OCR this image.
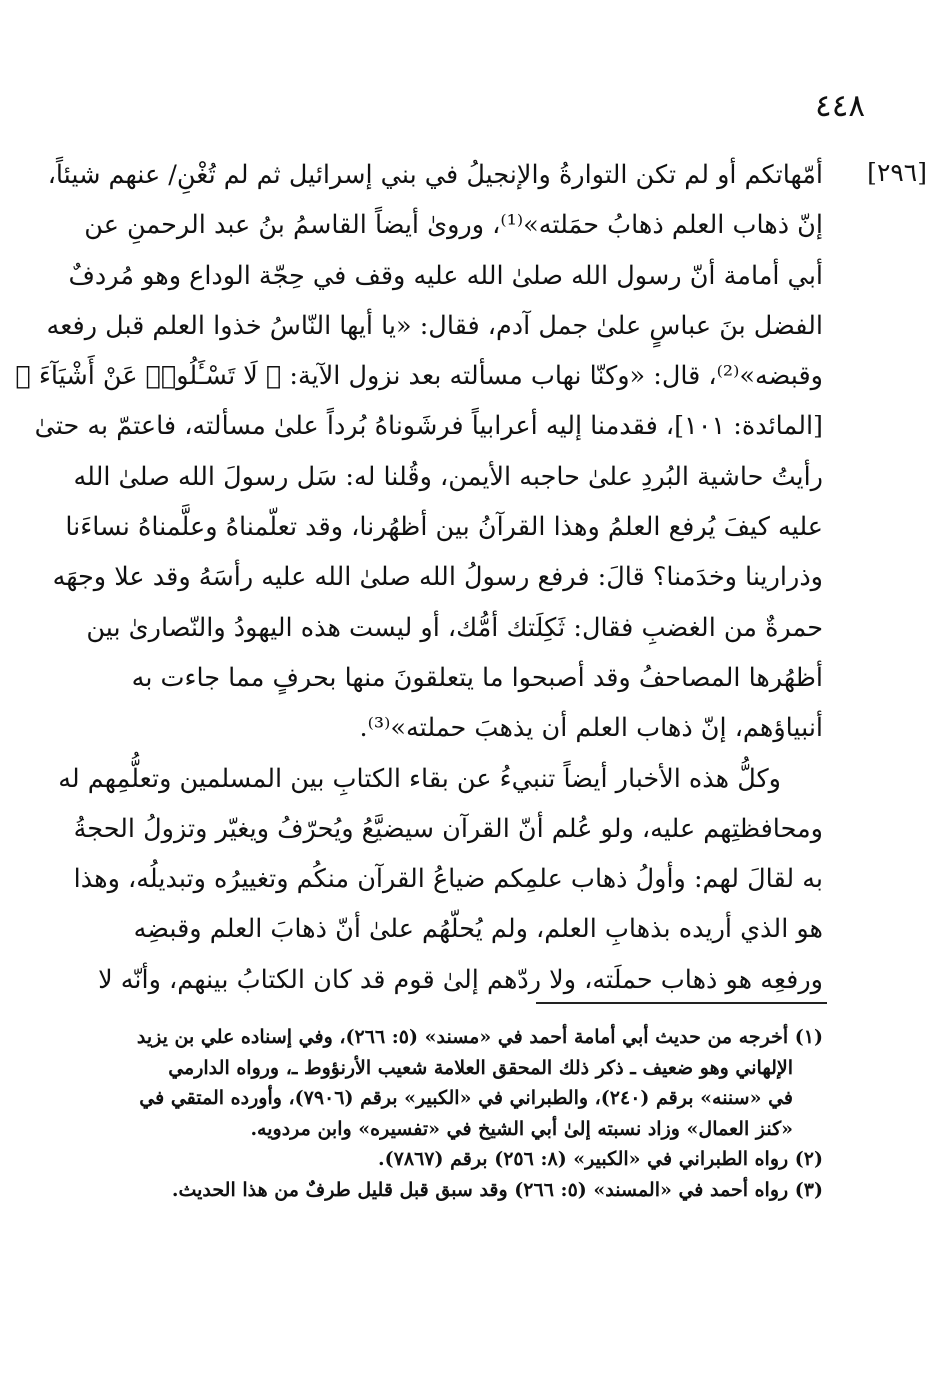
٤٤٨
[٢٩٦]
أمّهاتكم أو لم تكن التوارةُ والإنجيلُ في بني إسرائيل ثم لم تُغْنِ/ عنهم شيئاً،
إنّ ذهاب العلم ذهابُ حمَلته»⁽¹⁾، وروىٰ أيضاً القاسمُ بنُ عبد الرحمنِ عن
أبي أمامة أنّ رسول الله صلىٰ الله عليه وقف في حِجّة الوداع وهو مُردفٌ
الفضل بنَ عباسٍ علىٰ جمل آدم، فقال: «يا أيها النّاسُ خذوا العلم قبل رفعه
وقبضه»⁽²⁾، قال: «وكنّا نهاب مسألته بعد نزول الآية: ﴿ لَا تَسْـَٔلُوا۟ عَنْ أَشْيَآءَ ﴾
[المائدة: ١٠١]، فقدمنا إليه أعرابياً فرشَوناهُ بُرداً علىٰ مسألته، فاعتمّ به حتىٰ
رأيتُ حاشية البُردِ علىٰ حاجبه الأيمن، وقُلنا له: سَل رسولَ الله صلىٰ الله
عليه كيفَ يُرفع العلمُ وهذا القرآنُ بين أظهُرنا، وقد تعلّمناهُ وعلَّمناهُ نساءَنا
وذرارينا وخدَمنا؟ قالَ: فرفع رسولُ الله صلىٰ الله عليه رأسَهُ وقد علا وجهَه
حمرةٌ من الغضبِ فقال: ثَكِلَتك أمُّك، أو ليست هذه اليهودُ والنّصارىٰ بين
أظهُرها المصاحفُ وقد أصبحوا ما يتعلقونَ منها بحرفٍ مما جاءت به
أنبياؤهم، إنّ ذهاب العلم أن يذهبَ حملته»⁽³⁾.
وكلُّ هذه الأخبار أيضاً تنبيءُ عن بقاء الكتابِ بين المسلمين وتعلُّمِهم له
ومحافظتِهم عليه، ولو عُلم أنّ القرآن سيضيَّعُ ويُحرّفُ ويغيّر وتزولُ الحجةُ
به لقالَ لهم: وأولُ ذهاب علمِكم ضياعُ القرآن منكُم وتغييرُه وتبديلُه، وهذا
هو الذي أريده بذهابِ العلم، ولم يُحلّهُم علىٰ أنّ ذهابَ العلم وقبضِه
ورفعِه هو ذهاب حملَته، ولا ردّهم إلىٰ قوم قد كان الكتابُ بينهم، وأنّه لا
(١) أخرجه من حديث أبي أمامة أحمد في «مسند» (٥: ٢٦٦)، وفي إسناده علي بن يزيد
الإلهاني وهو ضعيف ـ ذكر ذلك المحقق العلامة شعيب الأرنؤوط ـ، ورواه الدارمي
في «سننه» برقم (٢٤٠)، والطبراني في «الكبير» برقم (٧٩٠٦)، وأورده المتقي في
«كنز العمال» وزاد نسبته إلىٰ أبي الشيخ في «تفسيره» وابن مردويه.
(٢) رواه الطبراني في «الكبير» (٨: ٢٥٦) برقم (٧٨٦٧).
(٣) رواه أحمد في «المسند» (٥: ٢٦٦) وقد سبق قبل قليل طرفٌ من هذا الحديث.
